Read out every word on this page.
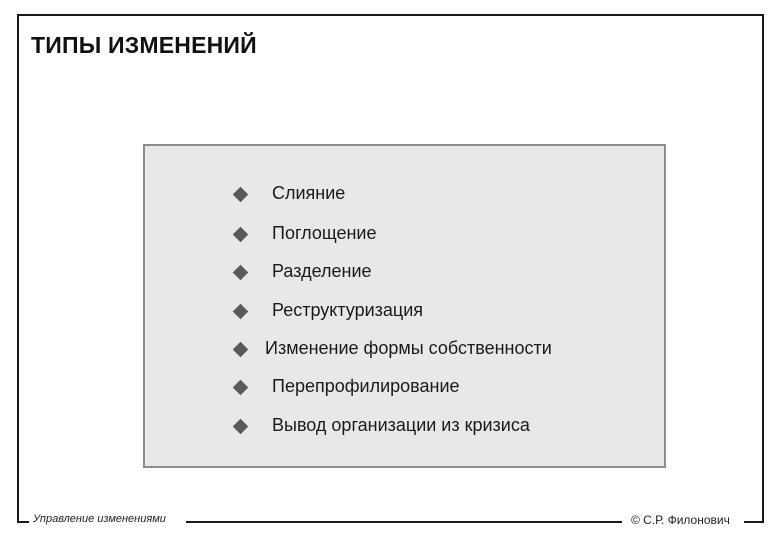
ТИПЫ ИЗМЕНЕНИЙ
Слияние
Поглощение
Разделение
Реструктуризация
Изменение формы собственности
Перепрофилирование
Вывод организации из кризиса
Управление изменениями	© С.Р. Филонович
